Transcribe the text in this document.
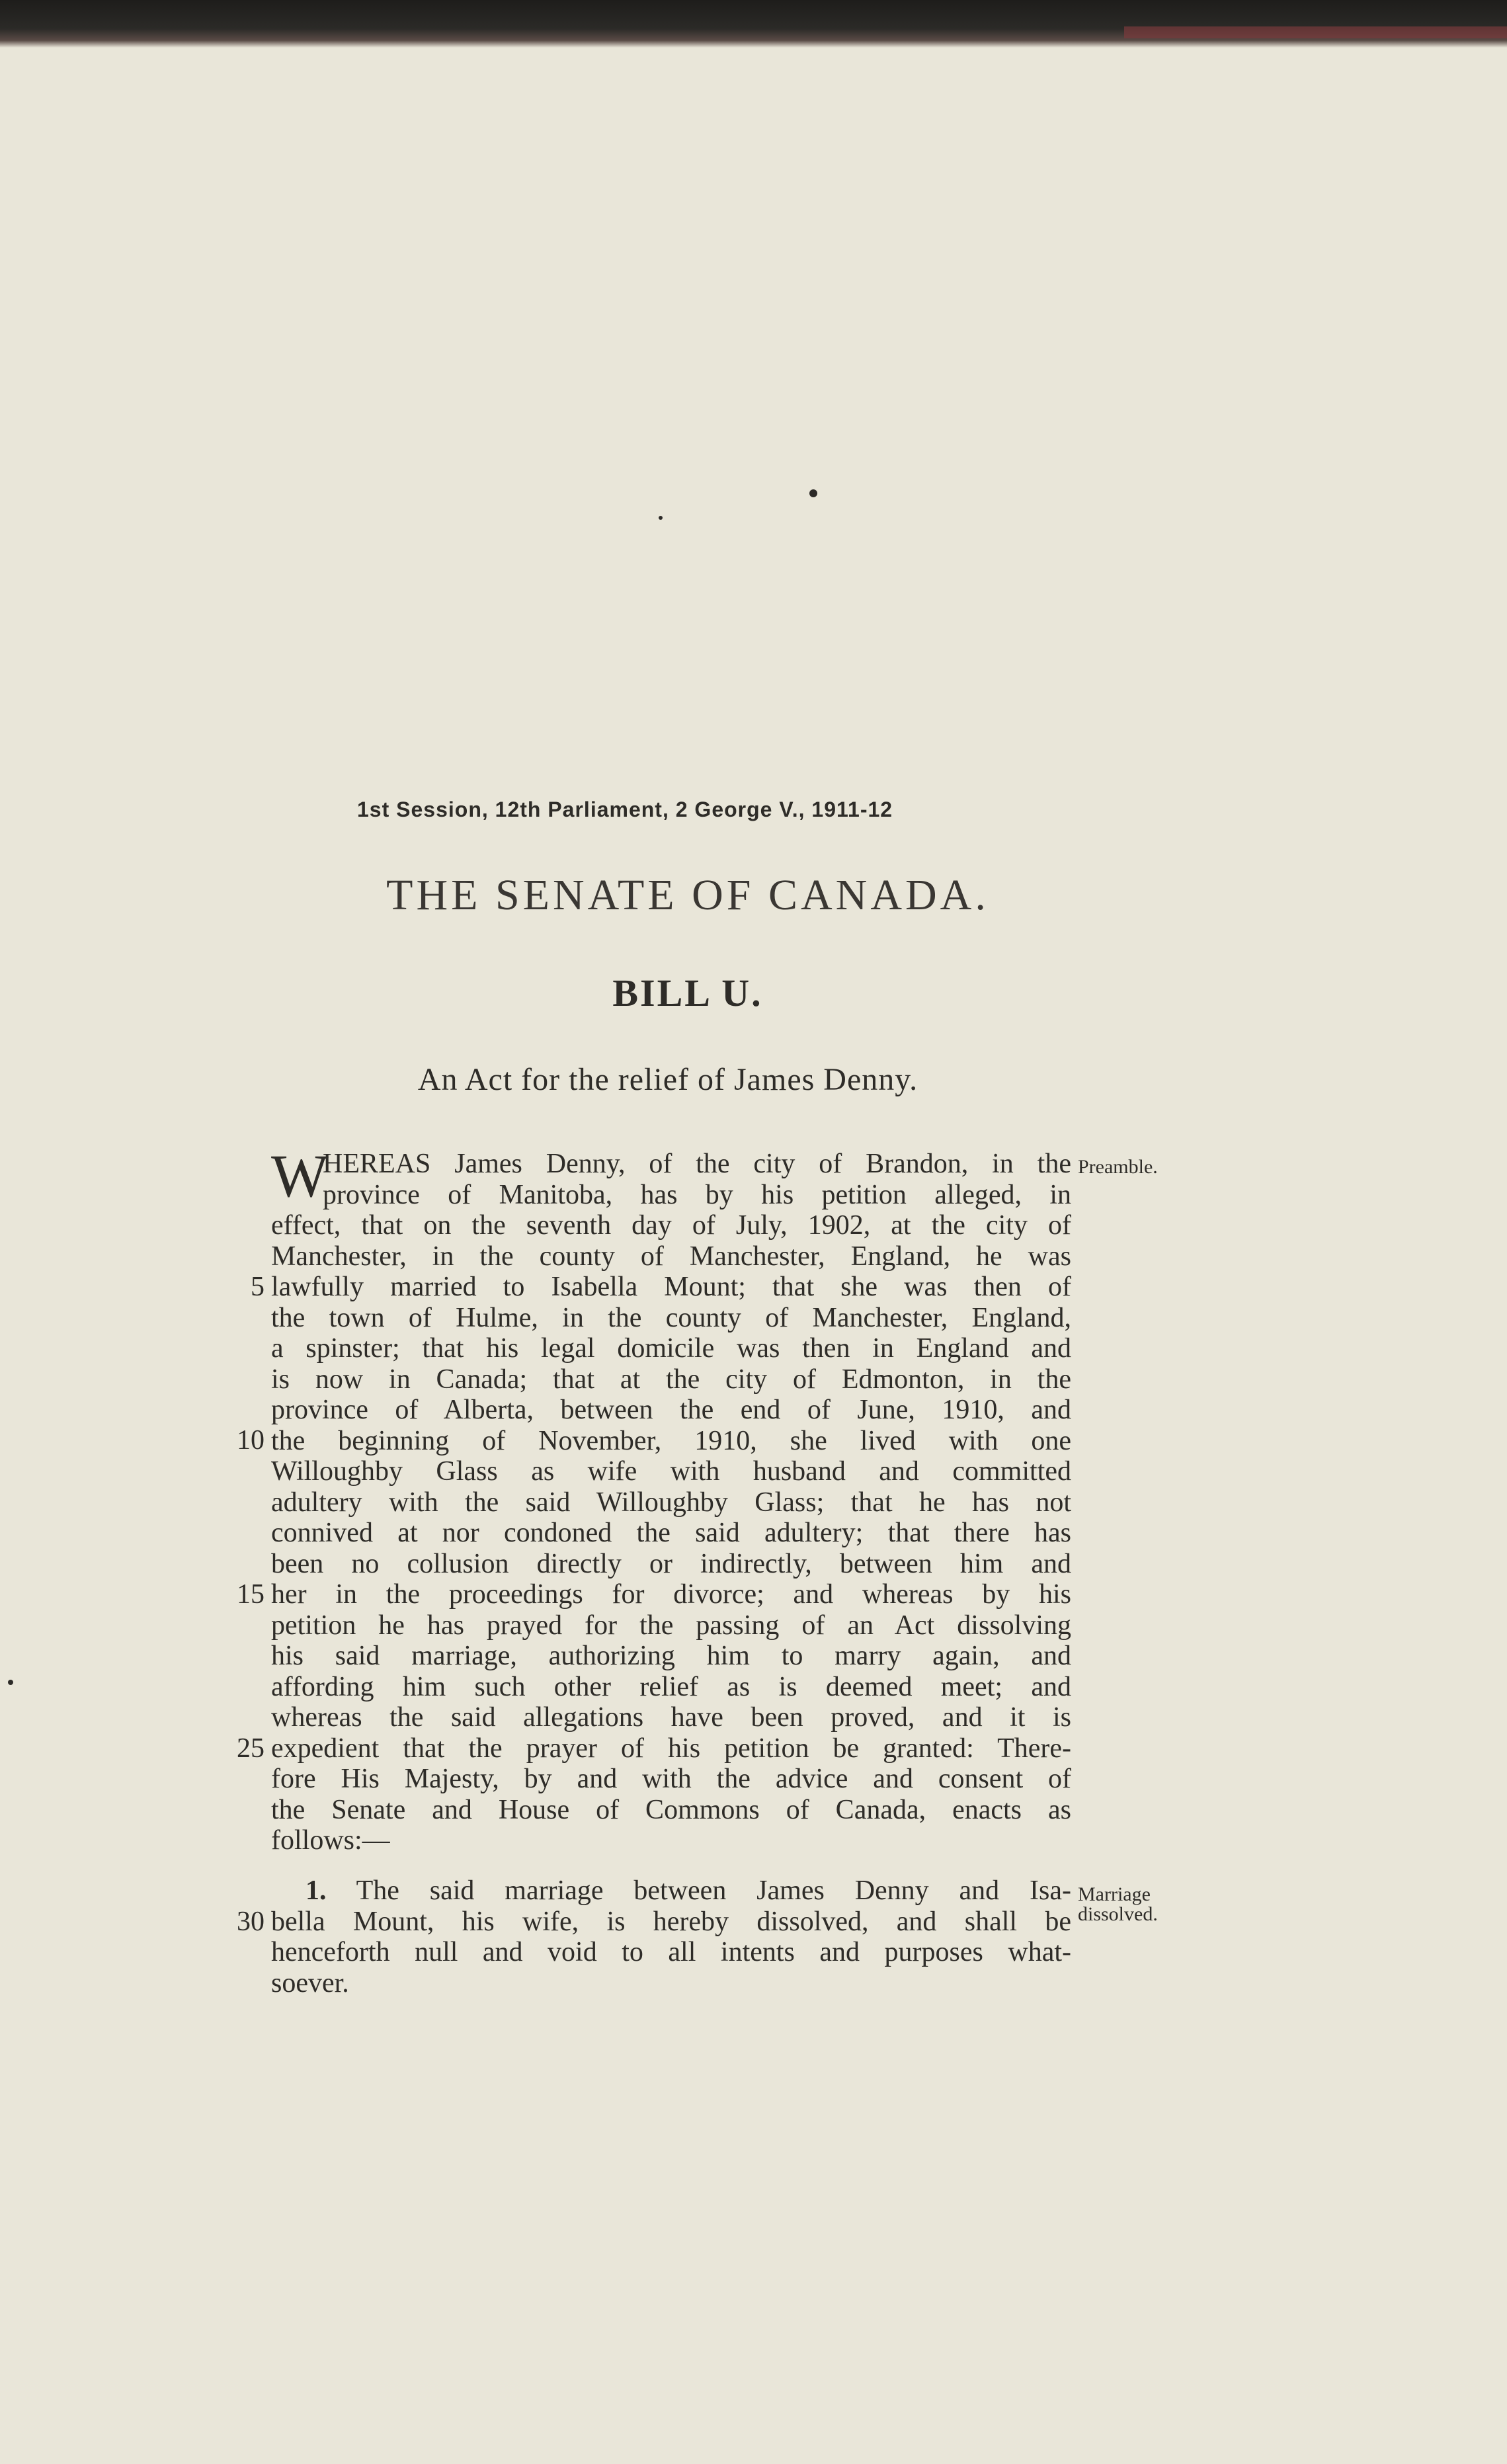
1st Session, 12th Parliament, 2 George V., 1911-12
THE SENATE OF CANADA.
BILL U.
An Act for the relief of James Denny.
W
HEREAS James Denny, of the city of Brandon, in the
province of Manitoba, has by his petition alleged, in
effect, that on the seventh day of July, 1902, at the city of
Manchester, in the county of Manchester, England, he was
lawfully married to Isabella Mount; that she was then of
the town of Hulme, in the county of Manchester, England,
a spinster; that his legal domicile was then in England and
is now in Canada; that at the city of Edmonton, in the
province of Alberta, between the end of June, 1910, and
the beginning of November, 1910, she lived with one
Willoughby Glass as wife with husband and committed
adultery with the said Willoughby Glass; that he has not
connived at nor condoned the said adultery; that there has
been no collusion directly or indirectly, between him and
her in the proceedings for divorce; and whereas by his
petition he has prayed for the passing of an Act dissolving
his said marriage, authorizing him to marry again, and
affording him such other relief as is deemed meet; and
whereas the said allegations have been proved, and it is
expedient that the prayer of his petition be granted: There-
fore His Majesty, by and with the advice and consent of
the Senate and House of Commons of Canada, enacts as
follows:—
5
10
15
25
Preamble.
1. The said marriage between James Denny and Isa-
bella Mount, his wife, is hereby dissolved, and shall be
henceforth null and void to all intents and purposes what-
soever.
30
Marriage
dissolved.
